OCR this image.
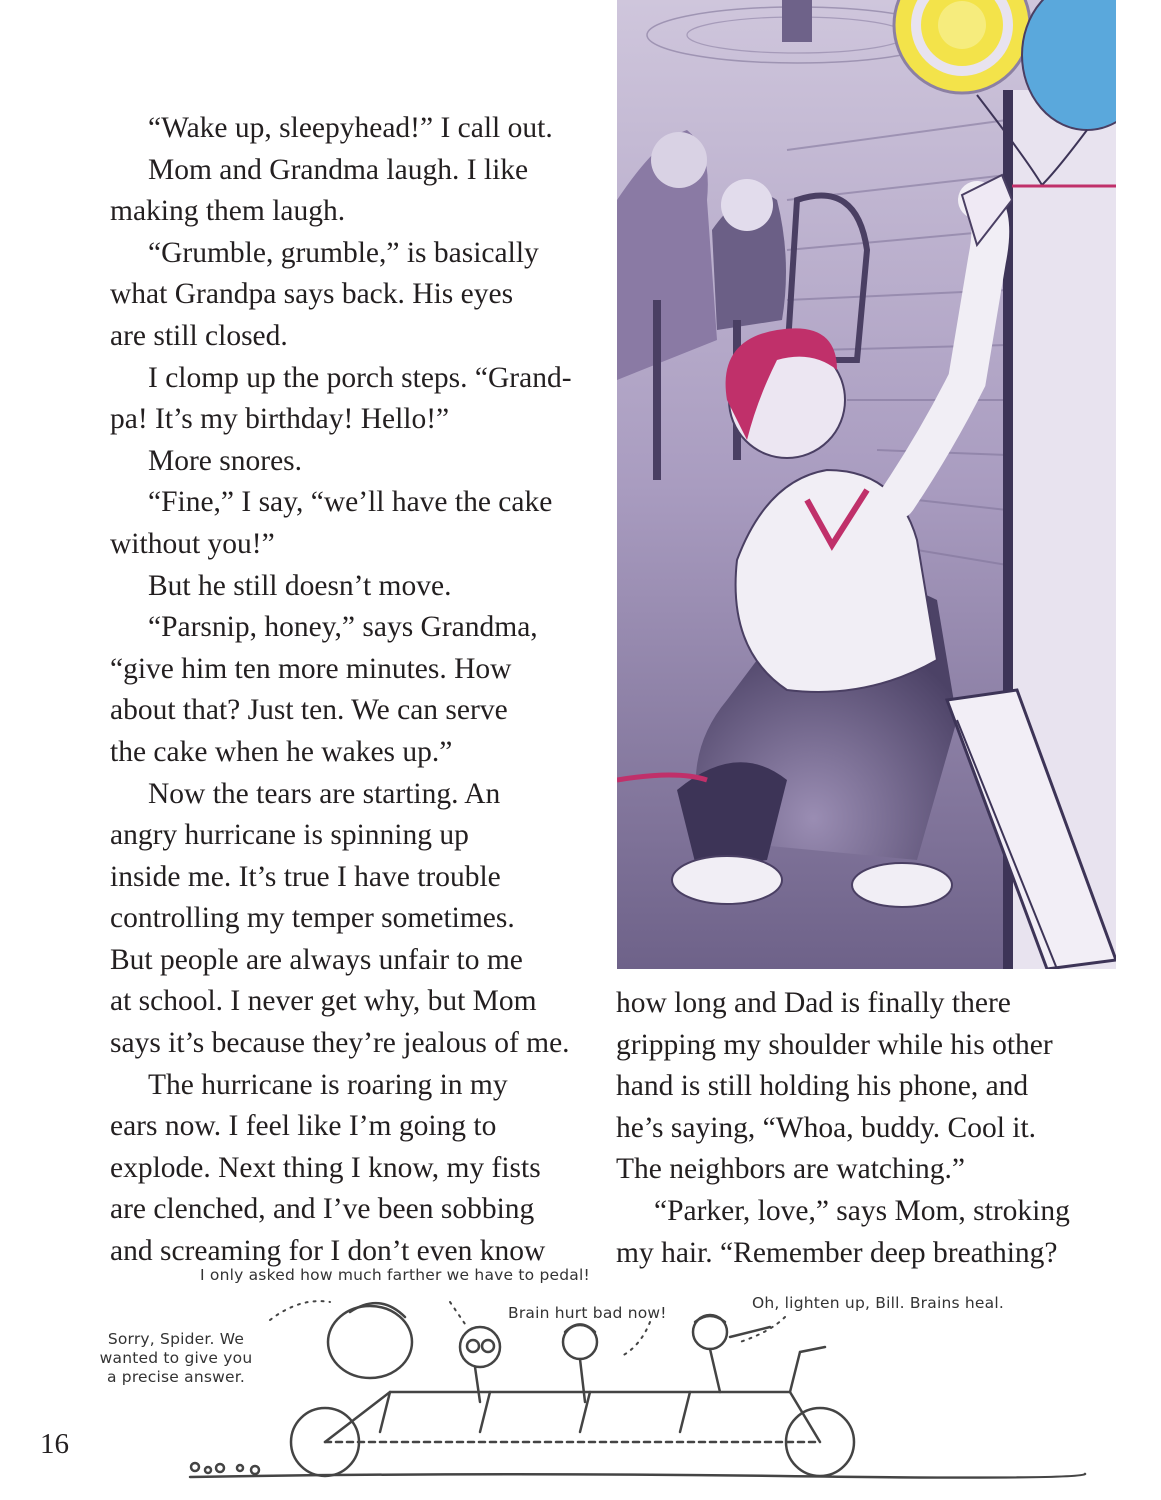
“Wake up, sleepyhead!” I call out.

Mom and Grandma laugh. I like
making them laugh.

“Grumble, grumble,” is basically
what Grandpa says back. His eyes
are still closed.

I clomp up the porch steps. “Grand-
pa! It’s my birthday! Hello!”

More snores.

“Fine,” I say, “we’ll have the cake
without you!”

But he still doesn’t move.

“Parsnip, honey,” says Grandma,
“give him ten more minutes. How
about that? Just ten. We can serve
the cake when he wakes up.”

Now the tears are starting. An
angry hurricane is spinning up
inside me. It’s true I have trouble
controlling my temper sometimes.
But people are always unfair to me
at school. I never get why, but Mom
says it’s because they’re jealous of me.

The hurricane is roaring in my
ears now. I feel like I’m going to
explode. Next thing I know, my fists
are clenched, and I’ve been sobbing
and screaming for I don’t even know

how long and Dad is finally there
gripping my shoulder while his other
hand is still holding his phone, and
he’s saying, “Whoa, buddy. Cool it.
The neighbors are watching.”

“Parker, love,” says Mom, stroking
my hair. “Remember deep breathing?

I only asked how much farther we have to pedal!
Brain hurt bad now!
Oh, lighten up, Bill. Brains heal.
Sorry, Spider. We
wanted to give you
a precise answer.
16
